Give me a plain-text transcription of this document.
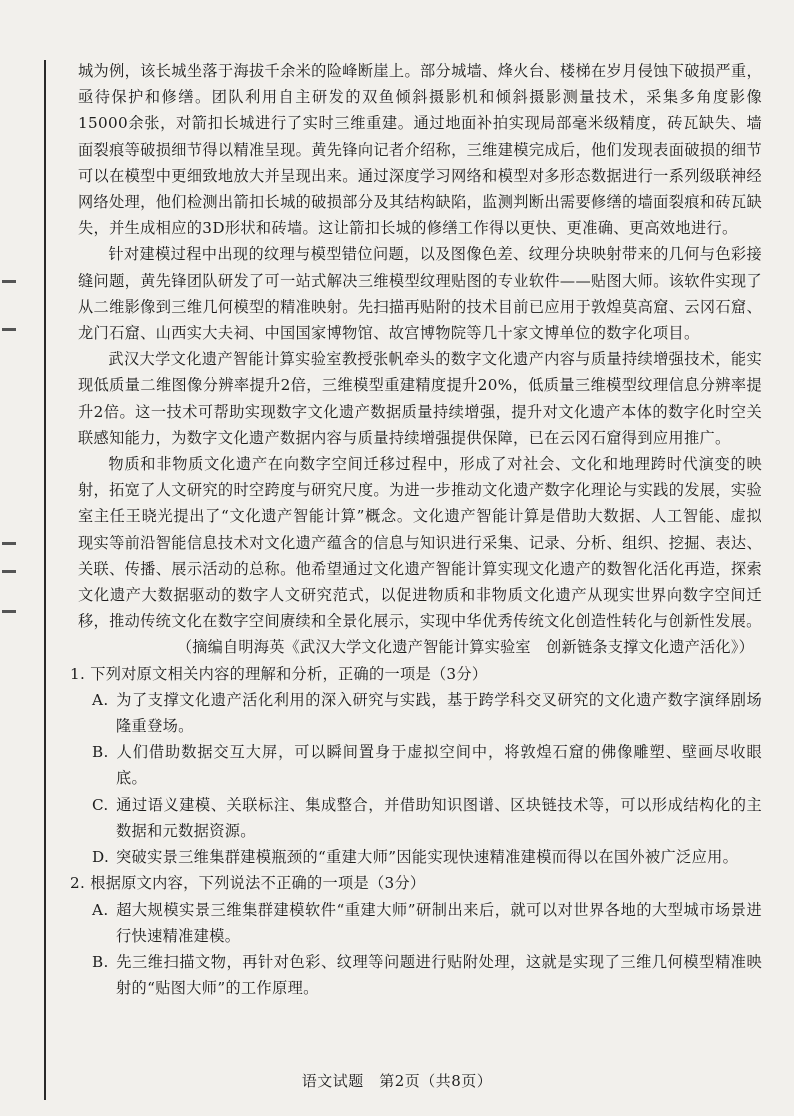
城为例，该长城坐落于海拔千余米的险峰断崖上。部分城墙、烽火台、楼梯在岁月侵蚀下破损严重，亟待保护和修缮。团队利用自主研发的双鱼倾斜摄影机和倾斜摄影测量技术，采集多角度影像15000余张，对箭扣长城进行了实时三维重建。通过地面补拍实现局部毫米级精度，砖瓦缺失、墙面裂痕等破损细节得以精准呈现。黄先锋向记者介绍称，三维建模完成后，他们发现表面破损的细节可以在模型中更细致地放大并呈现出来。通过深度学习网络和模型对多形态数据进行一系列级联神经网络处理，他们检测出箭扣长城的破损部分及其结构缺陷，监测判断出需要修缮的墙面裂痕和砖瓦缺失，并生成相应的3D形状和砖墙。这让箭扣长城的修缮工作得以更快、更准确、更高效地进行。

针对建模过程中出现的纹理与模型错位问题，以及图像色差、纹理分块映射带来的几何与色彩接缝问题，黄先锋团队研发了可一站式解决三维模型纹理贴图的专业软件——贴图大师。该软件实现了从二维影像到三维几何模型的精准映射。先扫描再贴附的技术目前已应用于敦煌莫高窟、云冈石窟、龙门石窟、山西实大夫祠、中国国家博物馆、故宫博物院等几十家文博单位的数字化项目。

武汉大学文化遗产智能计算实验室教授张帆牵头的数字文化遗产内容与质量持续增强技术，能实现低质量二维图像分辨率提升2倍，三维模型重建精度提升20%，低质量三维模型纹理信息分辨率提升2倍。这一技术可帮助实现数字文化遗产数据质量持续增强，提升对文化遗产本体的数字化时空关联感知能力，为数字文化遗产数据内容与质量持续增强提供保障，已在云冈石窟得到应用推广。

物质和非物质文化遗产在向数字空间迁移过程中，形成了对社会、文化和地理跨时代演变的映射，拓宽了人文研究的时空跨度与研究尺度。为进一步推动文化遗产数字化理论与实践的发展，实验室主任王晓光提出了“文化遗产智能计算”概念。文化遗产智能计算是借助大数据、人工智能、虚拟现实等前沿智能信息技术对文化遗产蕴含的信息与知识进行采集、记录、分析、组织、挖掘、表达、关联、传播、展示活动的总称。他希望通过文化遗产智能计算实现文化遗产的数智化活化再造，探索文化遗产大数据驱动的数字人文研究范式，以促进物质和非物质文化遗产从现实世界向数字空间迁移，推动传统文化在数字空间赓续和全景化展示，实现中华优秀传统文化创造性转化与创新性发展。

（摘编自明海英《武汉大学文化遗产智能计算实验室　创新链条支撑文化遗产活化》）

1. 下列对原文相关内容的理解和分析，正确的一项是（3分）

A. 为了支撑文化遗产活化利用的深入研究与实践，基于跨学科交叉研究的文化遗产数字演绎剧场隆重登场。

B. 人们借助数据交互大屏，可以瞬间置身于虚拟空间中，将敦煌石窟的佛像雕塑、壁画尽收眼底。

C. 通过语义建模、关联标注、集成整合，并借助知识图谱、区块链技术等，可以形成结构化的主数据和元数据资源。

D. 突破实景三维集群建模瓶颈的“重建大师”因能实现快速精准建模而得以在国外被广泛应用。

2. 根据原文内容，下列说法不正确的一项是（3分）

A. 超大规模实景三维集群建模软件“重建大师”研制出来后，就可以对世界各地的大型城市场景进行快速精准建模。

B. 先三维扫描文物，再针对色彩、纹理等问题进行贴附处理，这就是实现了三维几何模型精准映射的“贴图大师”的工作原理。

语文试题　第2页（共8页）
